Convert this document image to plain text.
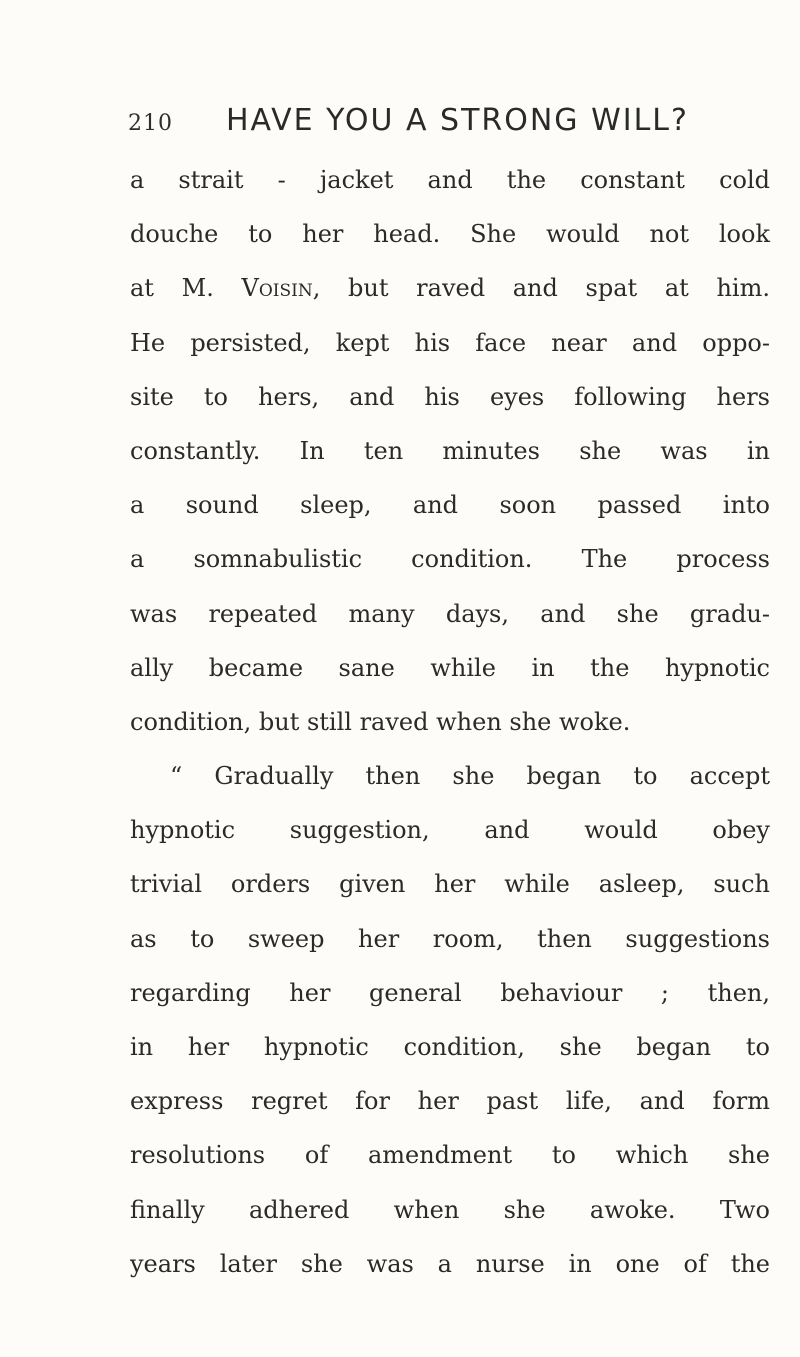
210	HAVE YOU A STRONG WILL?
a strait - jacket and the constant cold
douche to her head. She would not look
at M. Voisin, but raved and spat at him.
He persisted, kept his face near and oppo-
site to hers, and his eyes following hers
constantly. In ten minutes she was in
a sound sleep, and soon passed into
a somnabulistic condition. The process
was repeated many days, and she gradu-
ally became sane while in the hypnotic
condition, but still raved when she woke.
“ Gradually then she began to accept
hypnotic suggestion, and would obey
trivial orders given her while asleep, such
as to sweep her room, then suggestions
regarding her general behaviour ; then,
in her hypnotic condition, she began to
express regret for her past life, and form
resolutions of amendment to which she
finally adhered when she awoke. Two
years later she was a nurse in one of the
